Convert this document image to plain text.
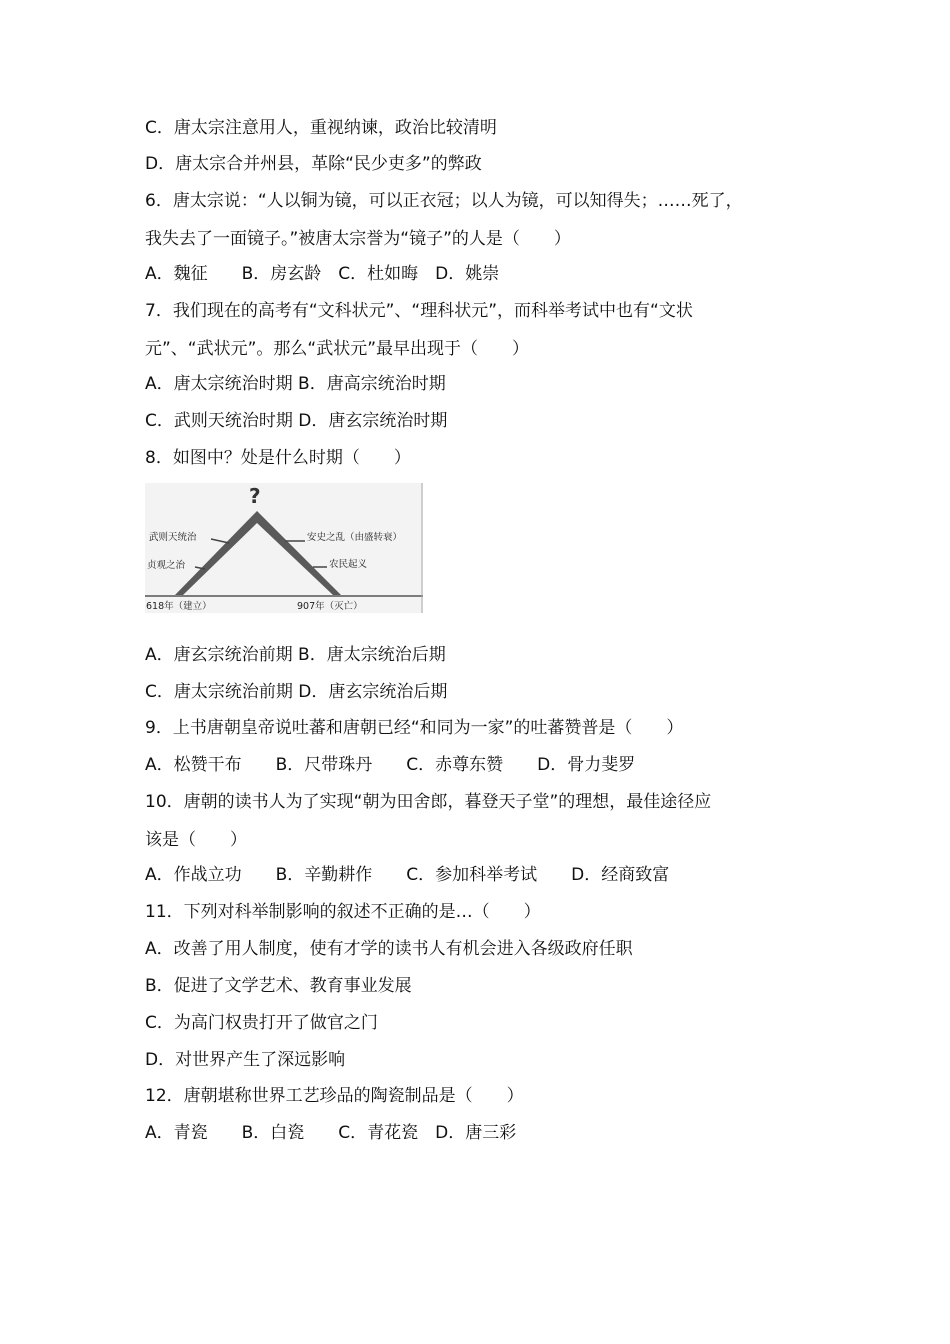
C．唐太宗注意用人，重视纳谏，政治比较清明
D．唐太宗合并州县，革除“民少吏多”的弊政
6．唐太宗说：“人以铜为镜，可以正衣冠；以人为镜，可以知得失；……死了，
我失去了一面镜子。”被唐太宗誉为“镜子”的人是（　　）
A．魏征　　B．房玄龄　C．杜如晦　D．姚崇
7．我们现在的高考有“文科状元”、“理科状元”，而科举考试中也有“文状
元”、“武状元”。那么“武状元”最早出现于（　　）
A．唐太宗统治时期 B．唐高宗统治时期
C．武则天统治时期 D．唐玄宗统治时期
8．如图中？处是什么时期（　　）
?
武则天统治
贞观之治
安史之乱（由盛转衰）
农民起义
618年（建立）	907年（灭亡）
A．唐玄宗统治前期 B．唐太宗统治后期
C．唐太宗统治前期 D．唐玄宗统治后期
9．上书唐朝皇帝说吐蕃和唐朝已经“和同为一家”的吐蕃赞普是（　　）
A．松赞干布　　B．尺带珠丹　　C．赤尊东赞　　D．骨力斐罗
10．唐朝的读书人为了实现“朝为田舍郎，暮登天子堂”的理想，最佳途径应
该是（　　）
A．作战立功　　B．辛勤耕作　　C．参加科举考试　　D．经商致富
11．下列对科举制影响的叙述不正确的是…（　　）
A．改善了用人制度，使有才学的读书人有机会进入各级政府任职
B．促进了文学艺术、教育事业发展
C．为高门权贵打开了做官之门
D．对世界产生了深远影响
12．唐朝堪称世界工艺珍品的陶瓷制品是（　　）
A．青瓷　　B．白瓷　　C．青花瓷　D．唐三彩
